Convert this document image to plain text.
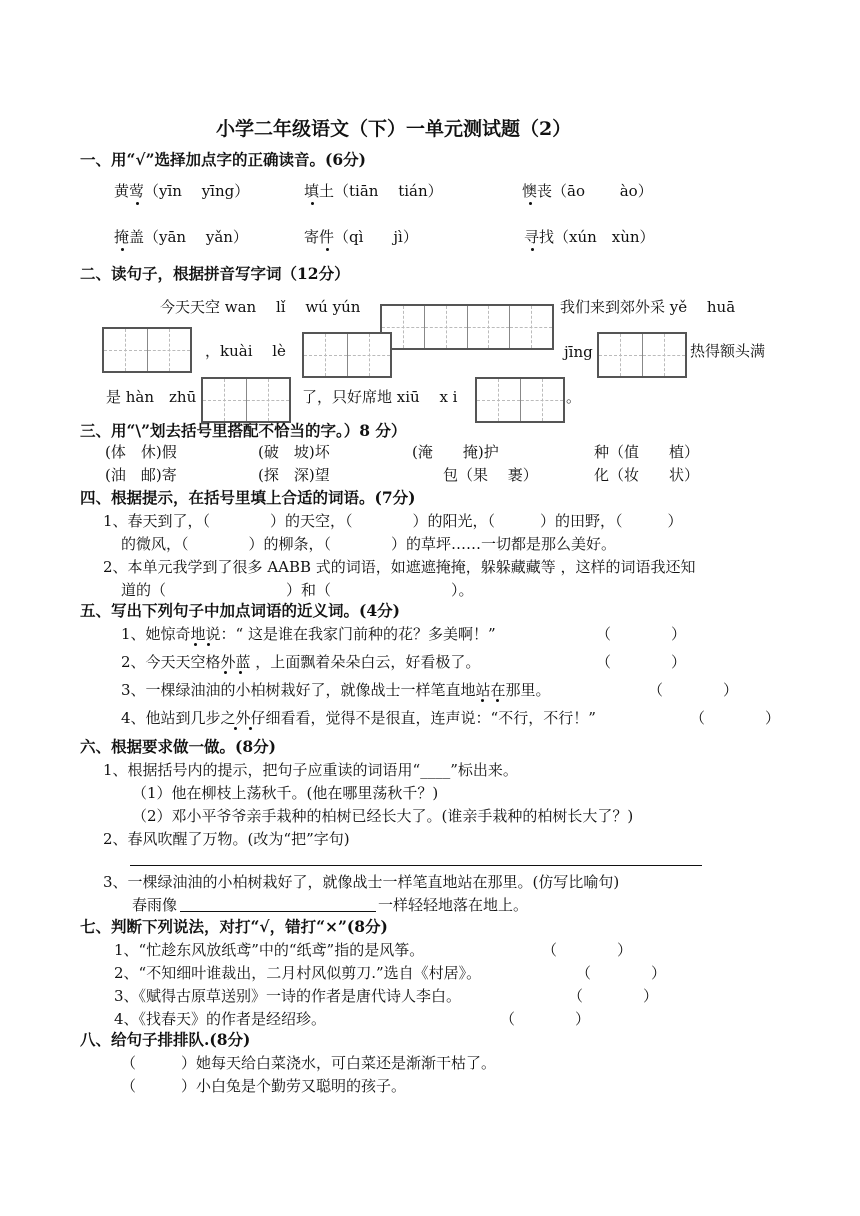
小学二年级语文（下）一单元测试题（2）
一、用“√”选择加点字的正确读音。(6分)
黄莺（yīn　 yīng）	填土（tiān　 tián）	懊丧（āo　　 ào）
掩盖（yān　 yǎn）	寄件（qì　　jì）	寻找（xún　xùn）
二、读句子，根据拼音写字词（12分）
今天天空 wan　 lǐ　 wú yún	我们来到郊外采 yě　 huā
，kuài　 lè	jīng	热得额头满
是 hàn　zhū	了，只好席地 xiū　 x i	。
三、用“\”划去括号里搭配不恰当的字。）8 分）
(体　休)假	(破　坡)坏	(淹　　掩)护	种（值　　植）
(油　邮)寄	(探　深)望	包（果　 裹）	化（妆　　状）
四、根据提示，在括号里填上合适的词语。(7分)
1、春天到了，（　　　　）的天空，（　　　　）的阳光，（　　　）的田野，（　　　）
的微风，（　　　　）的柳条，（　　　　）的草坪……一切都是那么美好。
2、本单元我学到了很多 AABB 式的词语，如遮遮掩掩，躲躲藏藏等 ，这样的词语我还知
道的（　　　　　　　　）和（　　　　　　　　）。
五、写出下列句子中加点词语的近义词。(4分)
1、她惊奇地说：“ 这是谁在我家门前种的花？多美啊！”	（　　　　）
2、今天天空格外蓝 ，上面飘着朵朵白云，好看极了。	（　　　　）
3、一棵绿油油的小柏树栽好了，就像战士一样笔直地站在那里。	（　　　　）
4、他站到几步之外仔细看看，觉得不是很直，连声说：“不行，不行！”	（　　　　）
六、根据要求做一做。(8分)
1、根据括号内的提示，把句子应重读的词语用“____”标出来。
（1）他在柳枝上荡秋千。(他在哪里荡秋千？)
（2）邓小平爷爷亲手栽种的柏树已经长大了。(谁亲手栽种的柏树长大了？)
2、春风吹醒了万物。(改为“把”字句)
3、一棵绿油油的小柏树栽好了，就像战士一样笔直地站在那里。(仿写比喻句)
春雨像	一样轻轻地落在地上。
七、判断下列说法，对打“√，错打“×”(8分)
1、“忙趁东风放纸鸢”中的“纸鸢”指的是风筝。	（　　　　）
2、“不知细叶谁裁出，二月村风似剪刀.”选自《村居》。	（　　　　）
3、《赋得古原草送别》一诗的作者是唐代诗人李白。	（　　　　）
4、《找春天》的作者是经绍珍。	（　　　　）
八、给句子排排队.(8分)
（　　　）她每天给白菜浇水，可白菜还是渐渐干枯了。
（　　　）小白兔是个勤劳又聪明的孩子。
